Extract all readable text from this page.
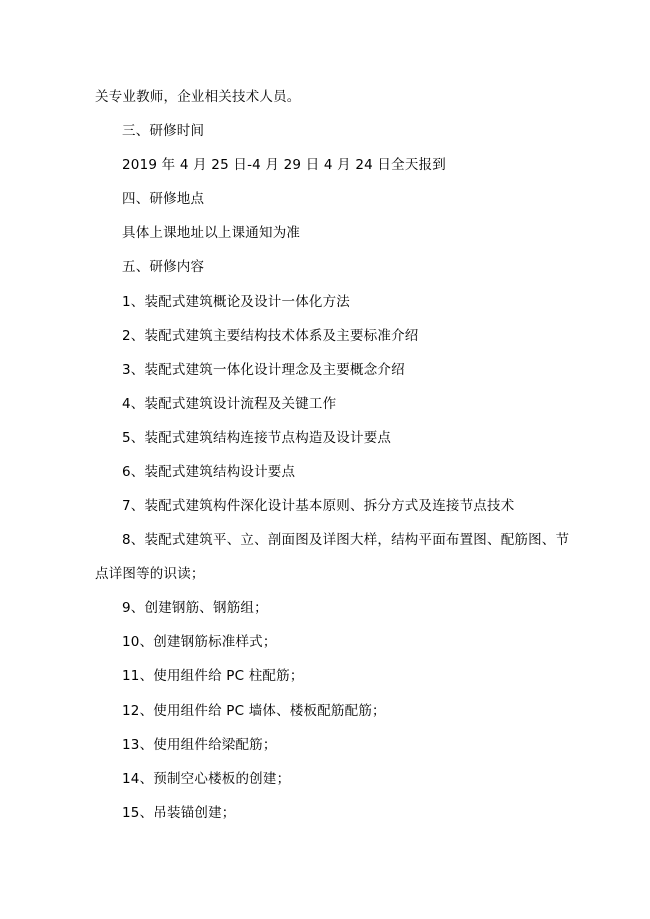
关专业教师，企业相关技术人员。
三、研修时间
2019 年 4 月 25 日-4 月 29 日 4 月 24 日全天报到
四、研修地点
具体上课地址以上课通知为准
五、研修内容
1、装配式建筑概论及设计一体化方法
2、装配式建筑主要结构技术体系及主要标准介绍
3、装配式建筑一体化设计理念及主要概念介绍
4、装配式建筑设计流程及关键工作
5、装配式建筑结构连接节点构造及设计要点
6、装配式建筑结构设计要点
7、装配式建筑构件深化设计基本原则、拆分方式及连接节点技术
8、装配式建筑平、立、剖面图及详图大样，结构平面布置图、配筋图、节
点详图等的识读；
9、创建钢筋、钢筋组；
10、创建钢筋标准样式；
11、使用组件给 PC 柱配筋；
12、使用组件给 PC 墙体、楼板配筋配筋；
13、使用组件给梁配筋；
14、预制空心楼板的创建；
15、吊装锚创建；
